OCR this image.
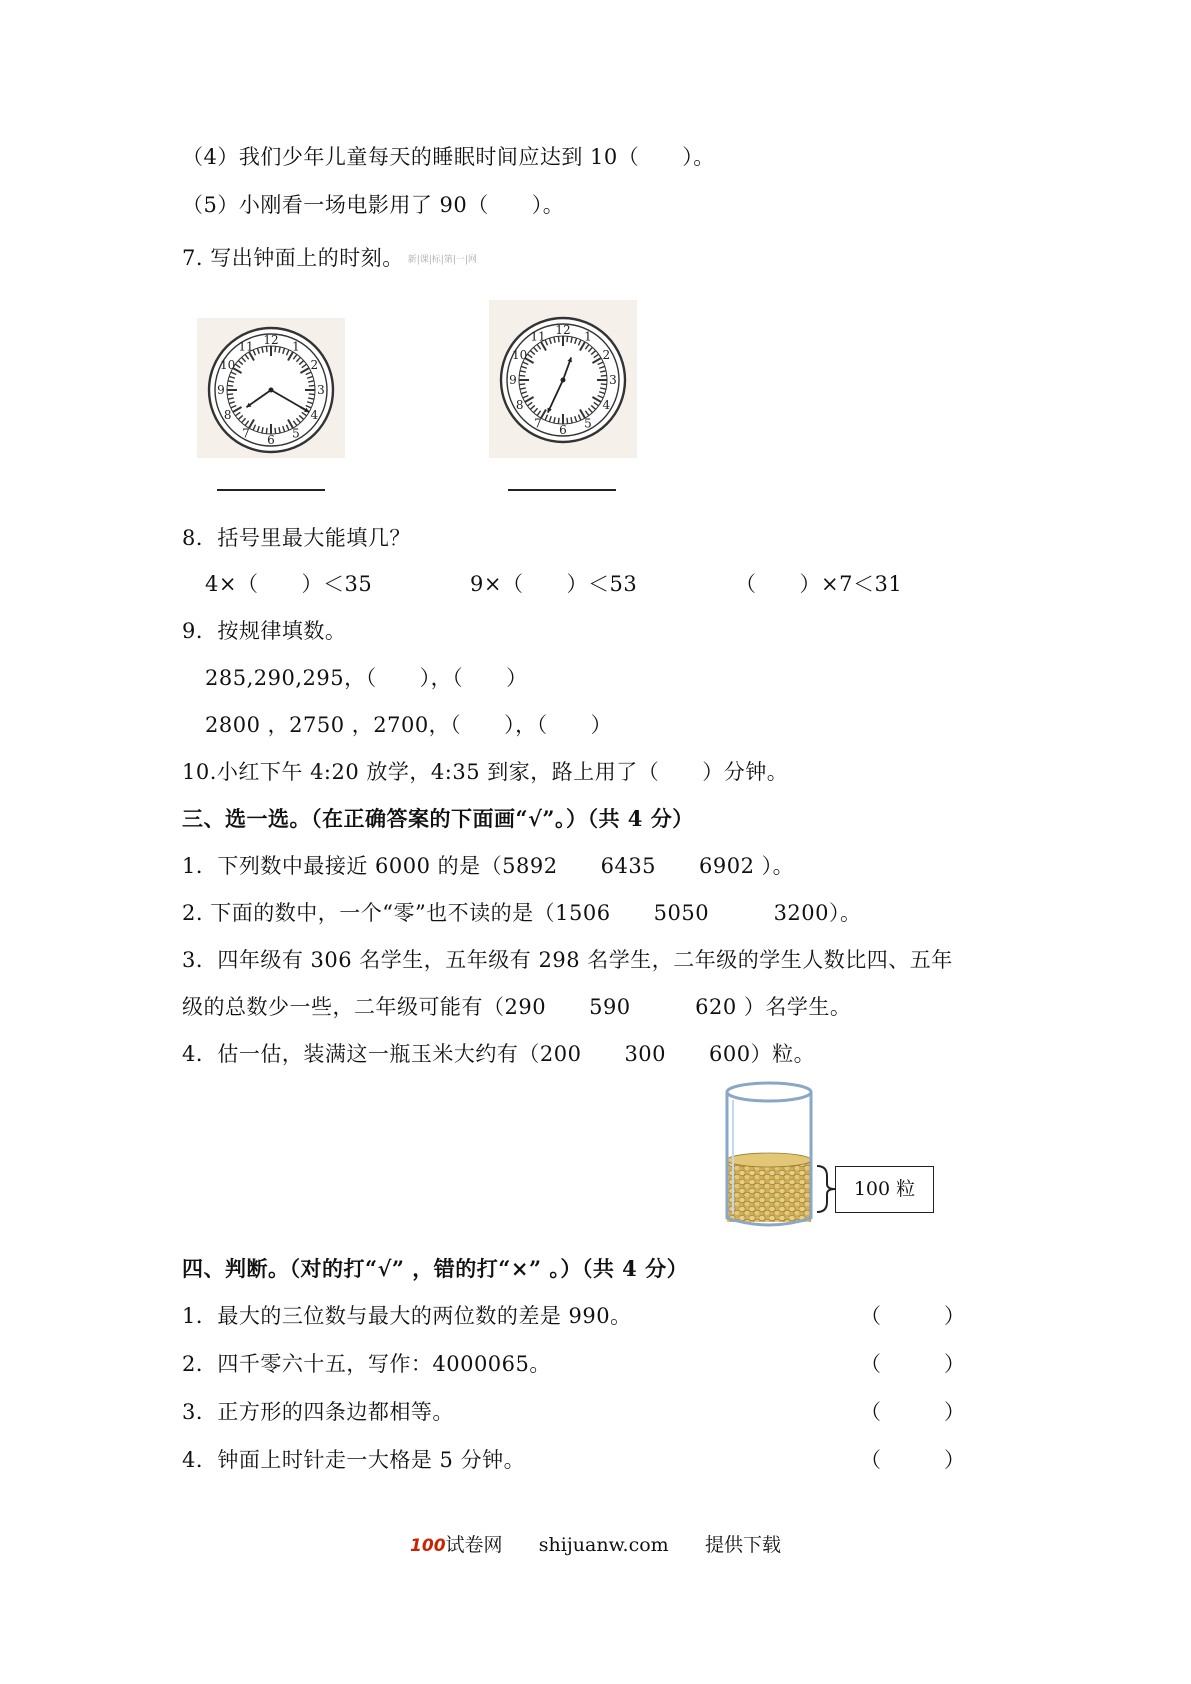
（4）我们少年儿童每天的睡眠时间应达到 10（　　）。
（5）小刚看一场电影用了 90（　　）。
7. 写出钟面上的时刻。 新|课|标|第|一|网
12 1
2
3
4
5
6
7
8
9
10
11
12 1
2
3
4
5
6
7
8
9
10
11
8．括号里最大能填几？
4×（　　）＜35	9×（　　）＜53	（　　）×7＜31
9．按规律填数。
285,290,295，（　　），（　　）
2800 ，2750 ，2700，（　　），（　　）
10.小红下午 4:20 放学，4:35 到家，路上用了（　　）分钟。
三、选一选。（在正确答案的下面画“√”。）（共 4 分）
1．下列数中最接近 6000 的是（5892　　6435　　6902 ）。
2. 下面的数中，一个“零”也不读的是（1506　　5050　　　3200）。
3．四年级有 306 名学生，五年级有 298 名学生，二年级的学生人数比四、五年
级的总数少一些，二年级可能有（290　　590　　　620 ）名学生。
4．估一估，装满这一瓶玉米大约有（200　　300　　600）粒。
100 粒
四、判断。（对的打“√” ，错的打“×” 。）（共 4 分）
1．最大的三位数与最大的两位数的差是 990。	（　　　）
2．四千零六十五，写作：4000065。	（　　　）
3．正方形的四条边都相等。	（　　　）
4．钟面上时针走一大格是 5 分钟。	（　　　）
100试卷网 shijuanw.com 提供下载
